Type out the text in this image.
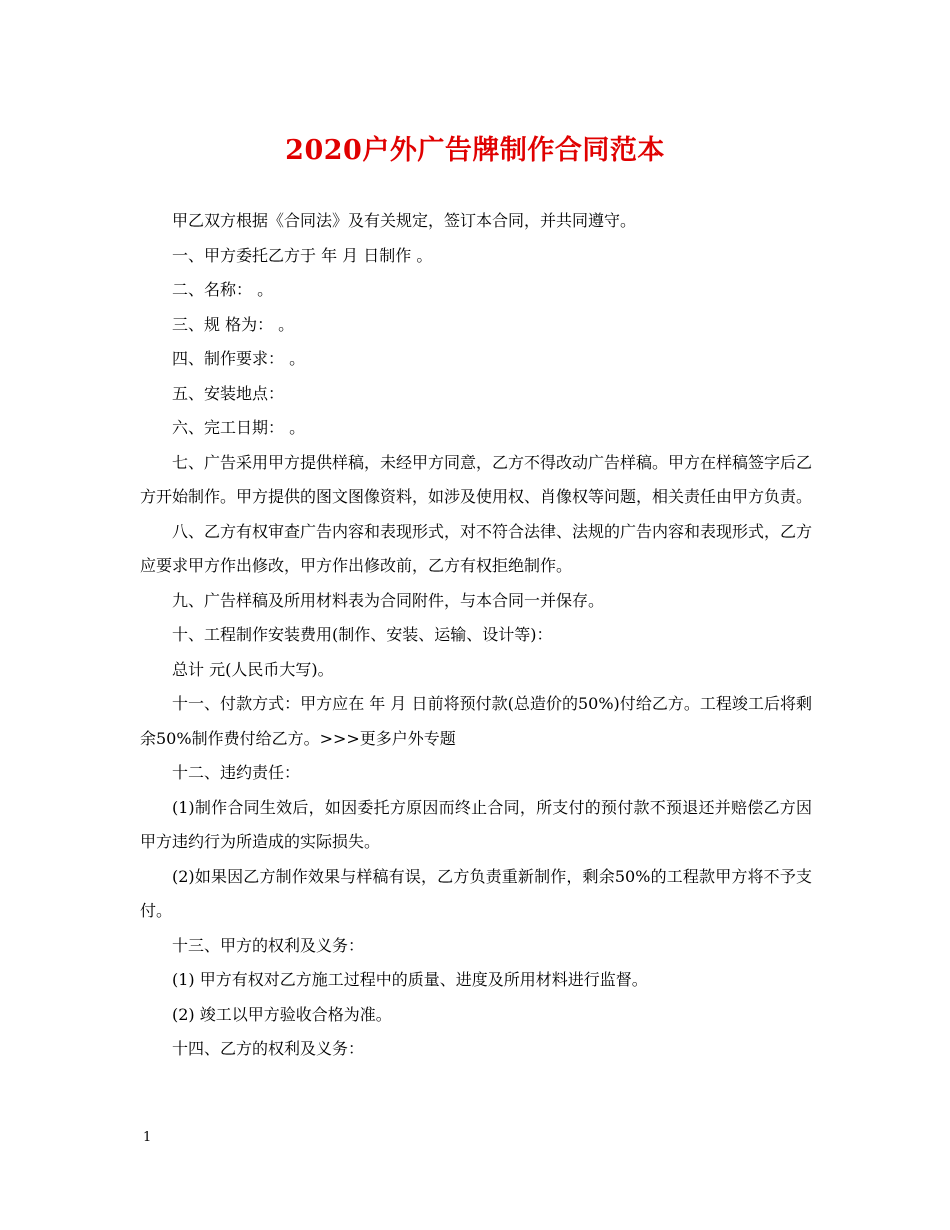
2020户外广告牌制作合同范本

甲乙双方根据《合同法》及有关规定，签订本合同，并共同遵守。

一、甲方委托乙方于 年 月 日制作 。

二、名称： 。

三、规 格为： 。

四、制作要求： 。

五、安装地点：

六、完工日期： 。

七、广告采用甲方提供样稿，未经甲方同意，乙方不得改动广告样稿。甲方在样稿签字后乙方开始制作。甲方提供的图文图像资料，如涉及使用权、肖像权等问题，相关责任由甲方负责。

八、乙方有权审查广告内容和表现形式，对不符合法律、法规的广告内容和表现形式，乙方应要求甲方作出修改，甲方作出修改前，乙方有权拒绝制作。

九、广告样稿及所用材料表为合同附件，与本合同一并保存。

十、工程制作安装费用(制作、安装、运输、设计等)：

总计 元(人民币大写)。

十一、付款方式：甲方应在 年 月 日前将预付款(总造价的50%)付给乙方。工程竣工后将剩余50%制作费付给乙方。>>>更多户外专题

十二、违约责任：

(1)制作合同生效后，如因委托方原因而终止合同，所支付的预付款不预退还并赔偿乙方因甲方违约行为所造成的实际损失。

(2)如果因乙方制作效果与样稿有误，乙方负责重新制作，剩余50%的工程款甲方将不予支付。

十三、甲方的权利及义务：

(1) 甲方有权对乙方施工过程中的质量、进度及所用材料进行监督。

(2) 竣工以甲方验收合格为准。

十四、乙方的权利及义务：

1
